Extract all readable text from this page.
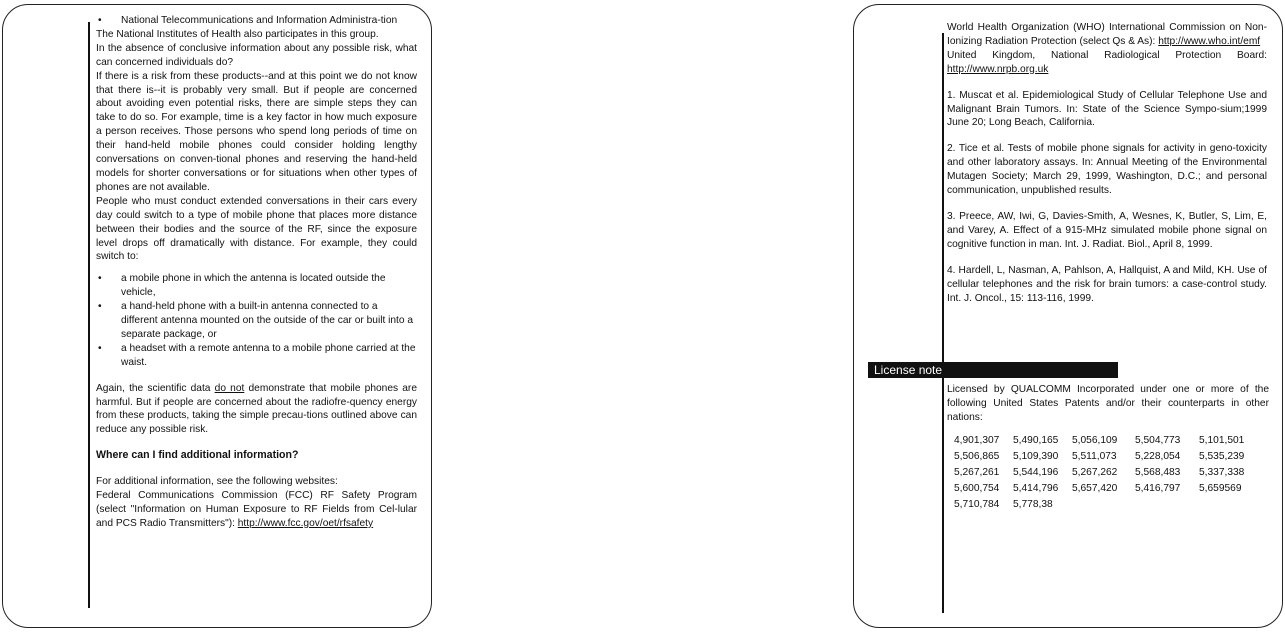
• National Telecommunications and Information Administra-tion

The National Institutes of Health also participates in this group.

In the absence of conclusive information about any possible risk, what can concerned individuals do?

If there is a risk from these products--and at this point we do not know that there is--it is probably very small. But if people are concerned about avoiding even potential risks, there are simple steps they can take to do so. For example, time is a key factor in how much exposure a person receives. Those persons who spend long periods of time on their hand-held mobile phones could consider holding lengthy conversations on conven-tional phones and reserving the hand-held models for shorter conversations or for situations when other types of phones are not available.

People who must conduct extended conversations in their cars every day could switch to a type of mobile phone that places more distance between their bodies and the source of the RF, since the exposure level drops off dramatically with distance. For example, they could switch to:

• a mobile phone in which the antenna is located outside the vehicle,

• a hand-held phone with a built-in antenna connected to a different antenna mounted on the outside of the car or built into a separate package, or

• a headset with a remote antenna to a mobile phone carried at the waist.

Again, the scientific data do not demonstrate that mobile phones are harmful. But if people are concerned about the radiofre-quency energy from these products, taking the simple precau-tions outlined above can reduce any possible risk.

Where can I find additional information?

For additional information, see the following websites:

Federal Communications Commission (FCC) RF Safety Program (select "Information on Human Exposure to RF Fields from Cel-lular and PCS Radio Transmitters"): http://www.fcc.gov/oet/rfsafety

World Health Organization (WHO) International Commission on Non-Ionizing Radiation Protection (select Qs & As): http://www.who.int/emf

United Kingdom, National Radiological Protection Board: http://www.nrpb.org.uk

1. Muscat et al. Epidemiological Study of Cellular Telephone Use and Malignant Brain Tumors. In: State of the Science Sympo-sium;1999 June 20; Long Beach, California.

2. Tice et al. Tests of mobile phone signals for activity in geno-toxicity and other laboratory assays. In: Annual Meeting of the Environmental Mutagen Society; March 29, 1999, Washington, D.C.; and personal communication, unpublished results.

3. Preece, AW, Iwi, G, Davies-Smith, A, Wesnes, K, Butler, S, Lim, E, and Varey, A. Effect of a 915-MHz simulated mobile phone signal on cognitive function in man. Int. J. Radiat. Biol., April 8, 1999.

4. Hardell, L, Nasman, A, Pahlson, A, Hallquist, A and Mild, KH. Use of cellular telephones and the risk for brain tumors: a case-control study. Int. J. Oncol., 15: 113-116, 1999.

License note

Licensed by QUALCOMM Incorporated under one or more of the following United States Patents and/or their counterparts in other nations:

4,901,307	5,490,165	5,056,109	5,504,773	5,101,501
5,506,865	5,109,390	5,511,073	5,228,054	5,535,239
5,267,261	5,544,196	5,267,262	5,568,483	5,337,338
5,600,754	5,414,796	5,657,420	5,416,797	5,659569
5,710,784	5,778,38
